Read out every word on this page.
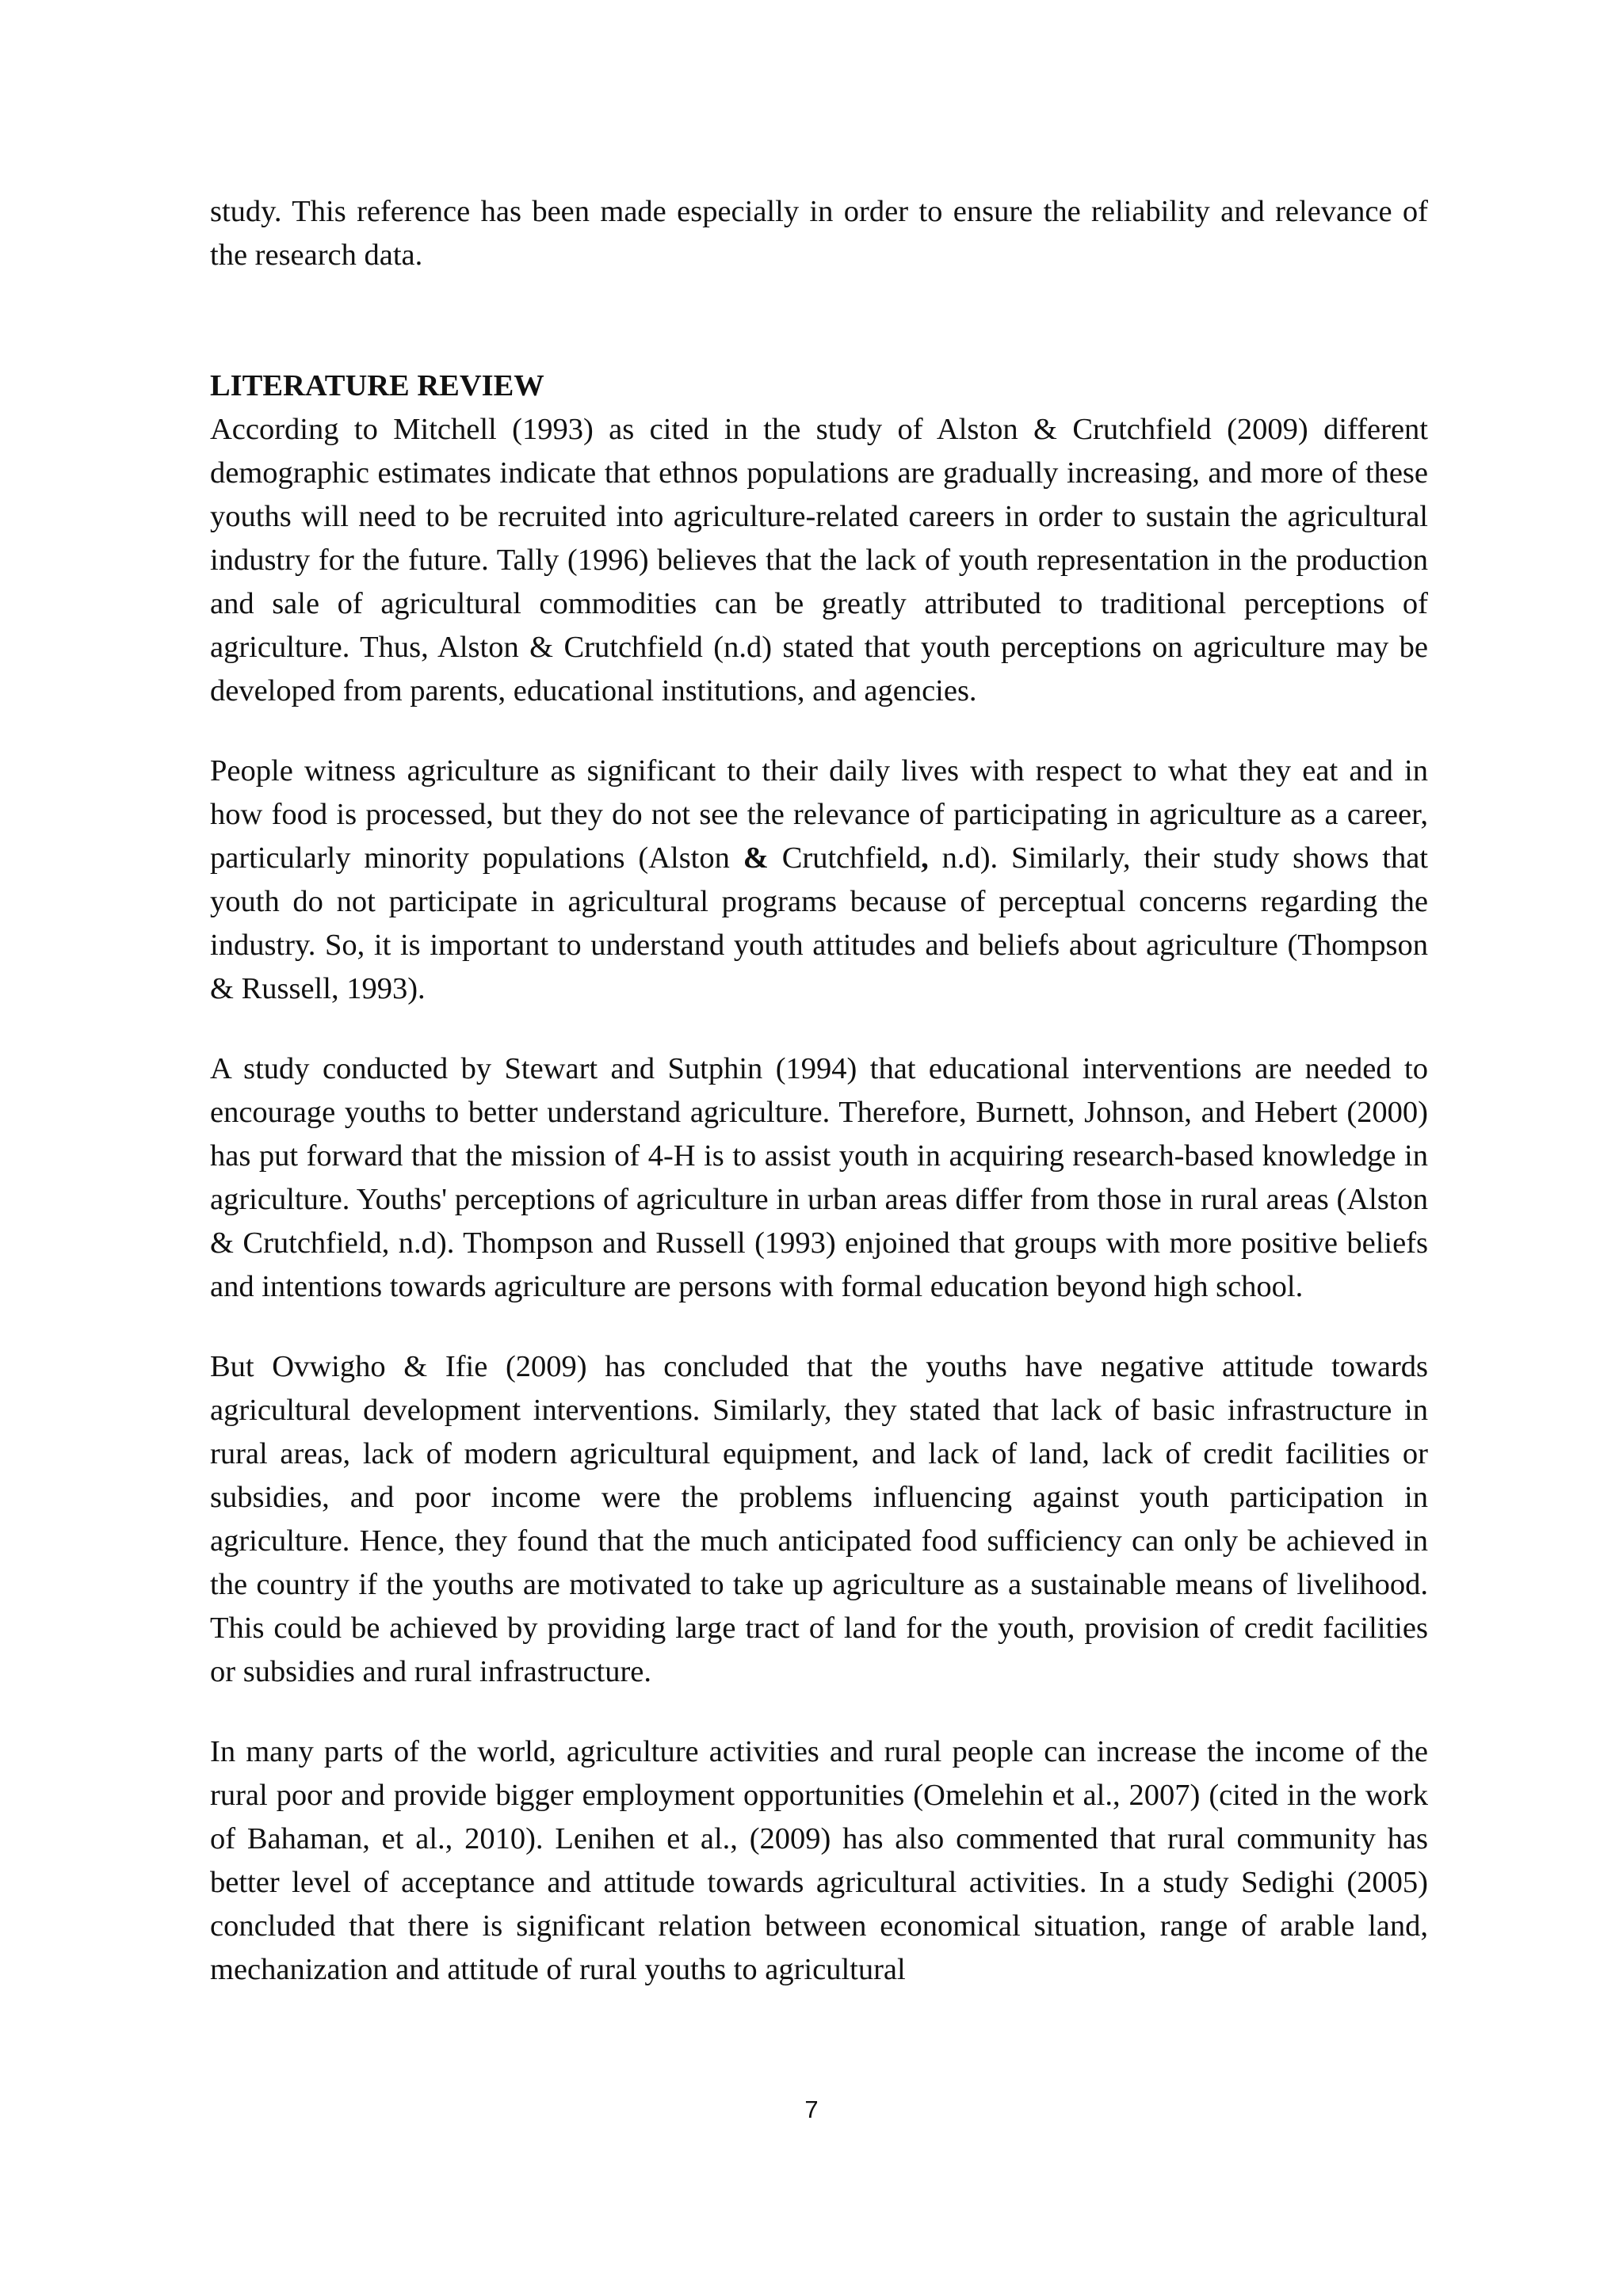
study. This reference has been made especially in order to ensure the reliability and relevance of the research data.

LITERATURE REVIEW

According to Mitchell (1993) as cited in the study of Alston & Crutchfield (2009) different demographic estimates indicate that ethnos populations are gradually increasing, and more of these youths will need to be recruited into agriculture-related careers in order to sustain the agricultural industry for the future. Tally (1996) believes that the lack of youth representation in the production and sale of agricultural commodities can be greatly attributed to traditional perceptions of agriculture. Thus, Alston & Crutchfield (n.d) stated that youth perceptions on agriculture may be developed from parents, educational institutions, and agencies.

People witness agriculture as significant to their daily lives with respect to what they eat and in how food is processed, but they do not see the relevance of participating in agriculture as a career, particularly minority populations (Alston & Crutchfield, n.d). Similarly, their study shows that youth do not participate in agricultural programs because of perceptual concerns regarding the industry. So, it is important to understand youth attitudes and beliefs about agriculture (Thompson & Russell, 1993).

A study conducted by Stewart and Sutphin (1994) that educational interventions are needed to encourage youths to better understand agriculture. Therefore, Burnett, Johnson, and Hebert (2000) has put forward that the mission of 4-H is to assist youth in acquiring research-based knowledge in agriculture. Youths' perceptions of agriculture in urban areas differ from those in rural areas (Alston & Crutchfield, n.d). Thompson and Russell (1993) enjoined that groups with more positive beliefs and intentions towards agriculture are persons with formal education beyond high school.

But Ovwigho & Ifie (2009) has concluded that the youths have negative attitude towards agricultural development interventions. Similarly, they stated that lack of basic infrastructure in rural areas, lack of modern agricultural equipment, and lack of land, lack of credit facilities or subsidies, and poor income were the problems influencing against youth participation in agriculture. Hence, they found that the much anticipated food sufficiency can only be achieved in the country if the youths are motivated to take up agriculture as a sustainable means of livelihood. This could be achieved by providing large tract of land for the youth, provision of credit facilities or subsidies and rural infrastructure.

In many parts of the world, agriculture activities and rural people can increase the income of the rural poor and provide bigger employment opportunities (Omelehin et al., 2007) (cited in the work of Bahaman, et al., 2010). Lenihen et al., (2009) has also commented that rural community has better level of acceptance and attitude towards agricultural activities. In a study Sedighi (2005) concluded that there is significant relation between economical situation, range of arable land, mechanization and attitude of rural youths to agricultural

7
